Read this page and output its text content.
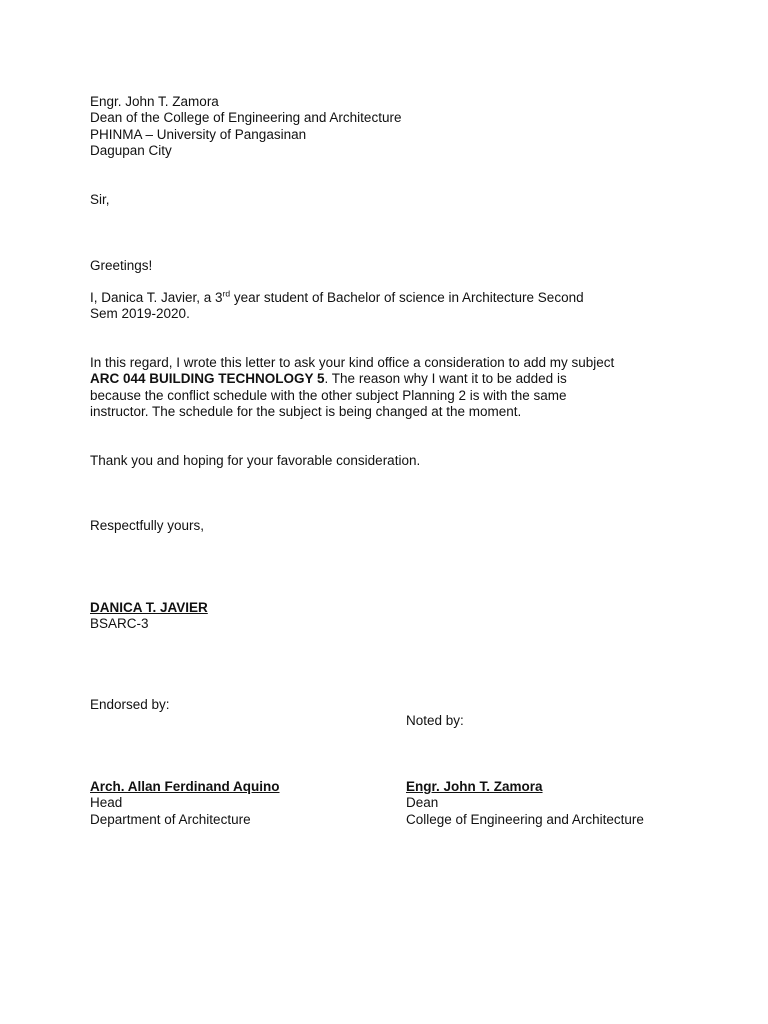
Engr. John T. Zamora
Dean of the College of Engineering and Architecture
PHINMA – University of Pangasinan
Dagupan City
Sir,
Greetings!
I, Danica T. Javier, a 3rd year student of Bachelor of science in Architecture Second
Sem 2019-2020.
In this regard, I wrote this letter to ask your kind office a consideration to add my subject
ARC 044 BUILDING TECHNOLOGY 5. The reason why I want it to be added is
because the conflict schedule with the other subject Planning 2 is with the same
instructor. The schedule for the subject is being changed at the moment.
Thank you and hoping for your favorable consideration.
Respectfully yours,
DANICA T. JAVIER
BSARC-3
Endorsed by:
Noted by:
Arch. Allan Ferdinand Aquino
Head
Department of Architecture
Engr. John T. Zamora
Dean
College of Engineering and Architecture
